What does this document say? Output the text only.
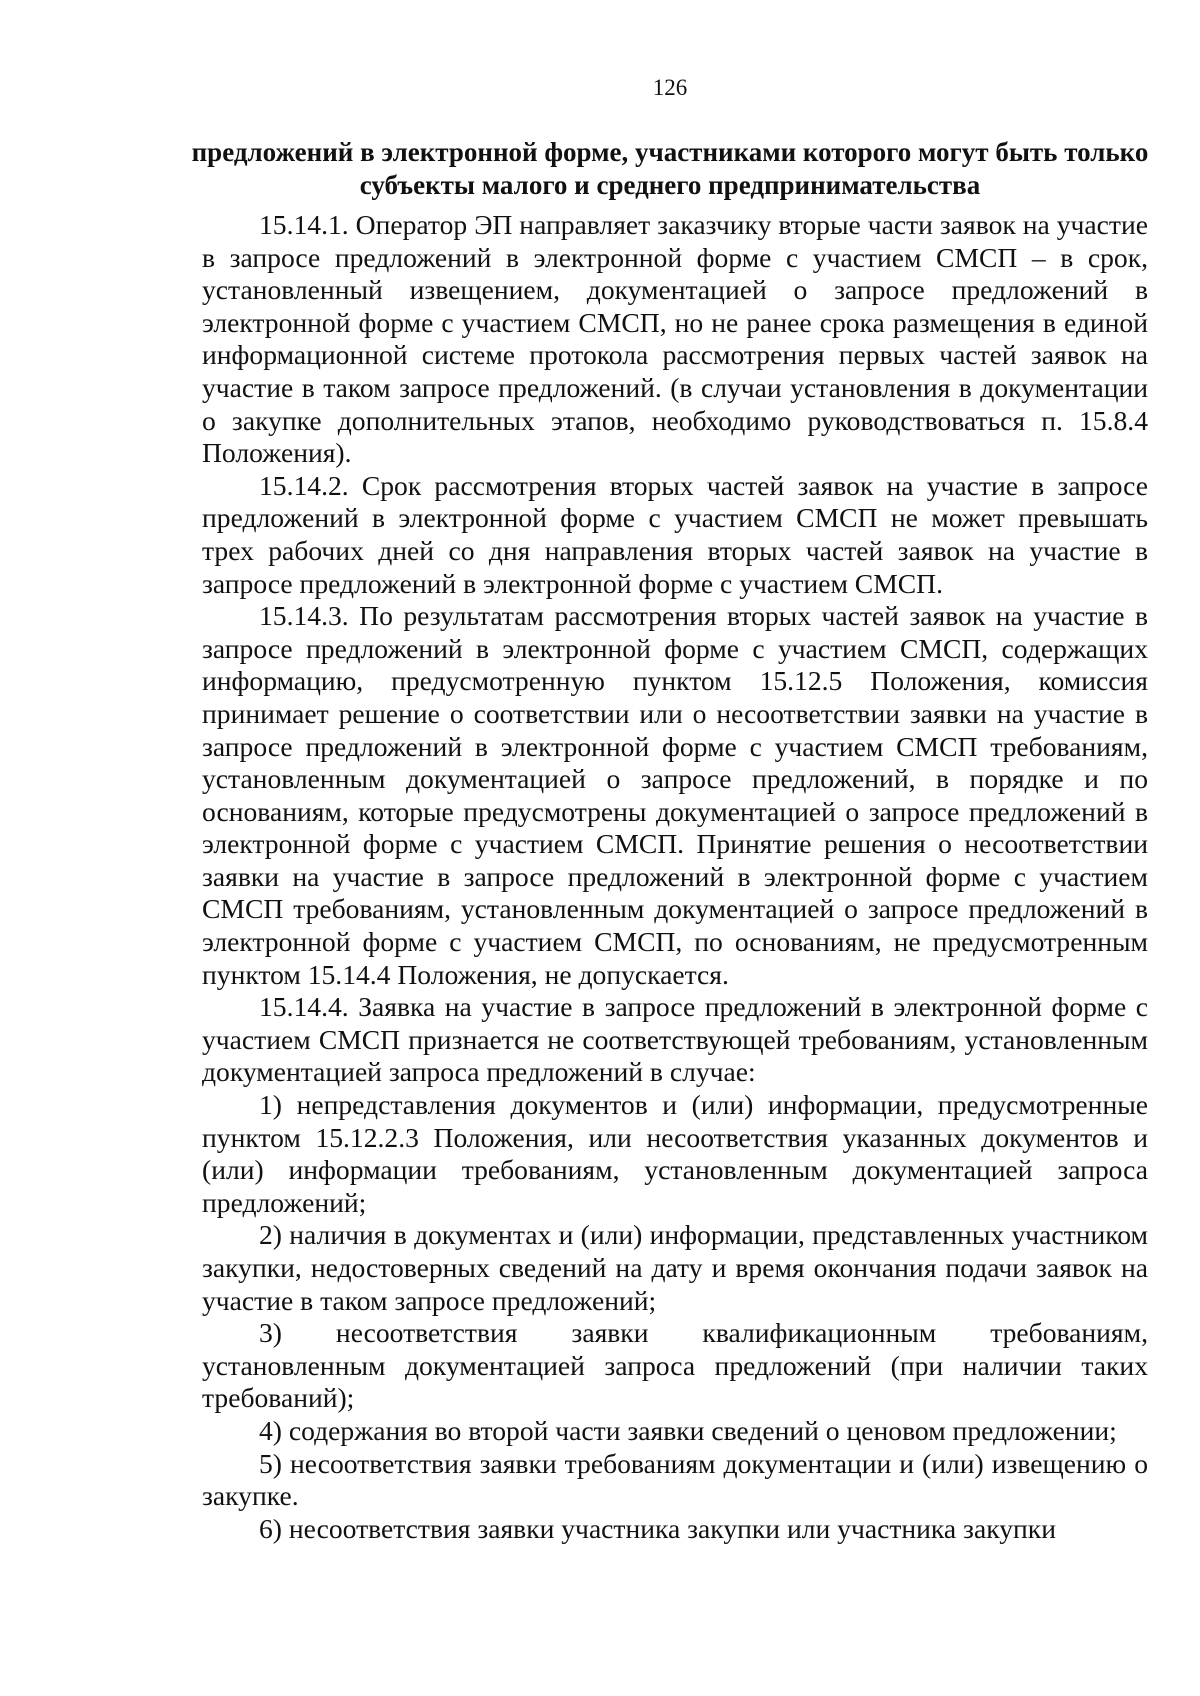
126
предложений в электронной форме, участниками которого могут быть только субъекты малого и среднего предпринимательства

15.14.1. Оператор ЭП направляет заказчику вторые части заявок на участие в запросе предложений в электронной форме с участием СМСП – в срок, установленный извещением, документацией о запросе предложений в электронной форме с участием СМСП, но не ранее срока размещения в единой информационной системе протокола рассмотрения первых частей заявок на участие в таком запросе предложений. (в случаи установления в документации о закупке дополнительных этапов, необходимо руководствоваться п. 15.8.4 Положения).

15.14.2. Срок рассмотрения вторых частей заявок на участие в запросе предложений в электронной форме с участием СМСП не может превышать трех рабочих дней со дня направления вторых частей заявок на участие в запросе предложений в электронной форме с участием СМСП.

15.14.3. По результатам рассмотрения вторых частей заявок на участие в запросе предложений в электронной форме с участием СМСП, содержащих информацию, предусмотренную пунктом 15.12.5 Положения, комиссия принимает решение о соответствии или о несоответствии заявки на участие в запросе предложений в электронной форме с участием СМСП требованиям, установленным документацией о запросе предложений, в порядке и по основаниям, которые предусмотрены документацией о запросе предложений в электронной форме с участием СМСП. Принятие решения о несоответствии заявки на участие в запросе предложений в электронной форме с участием СМСП требованиям, установленным документацией о запросе предложений в электронной форме с участием СМСП, по основаниям, не предусмотренным пунктом 15.14.4 Положения, не допускается.

15.14.4. Заявка на участие в запросе предложений в электронной форме с участием СМСП признается не соответствующей требованиям, установленным документацией запроса предложений в случае:

1) непредставления документов и (или) информации, предусмотренные пунктом 15.12.2.3 Положения, или несоответствия указанных документов и (или) информации требованиям, установленным документацией запроса предложений;

2) наличия в документах и (или) информации, представленных участником закупки, недостоверных сведений на дату и время окончания подачи заявок на участие в таком запросе предложений;

3) несоответствия заявки квалификационным требованиям, установленным документацией запроса предложений (при наличии таких требований);

4) содержания во второй части заявки сведений о ценовом предложении;

5) несоответствия заявки требованиям документации и (или) извещению о закупке.

6) несоответствия заявки участника закупки или участника закупки
